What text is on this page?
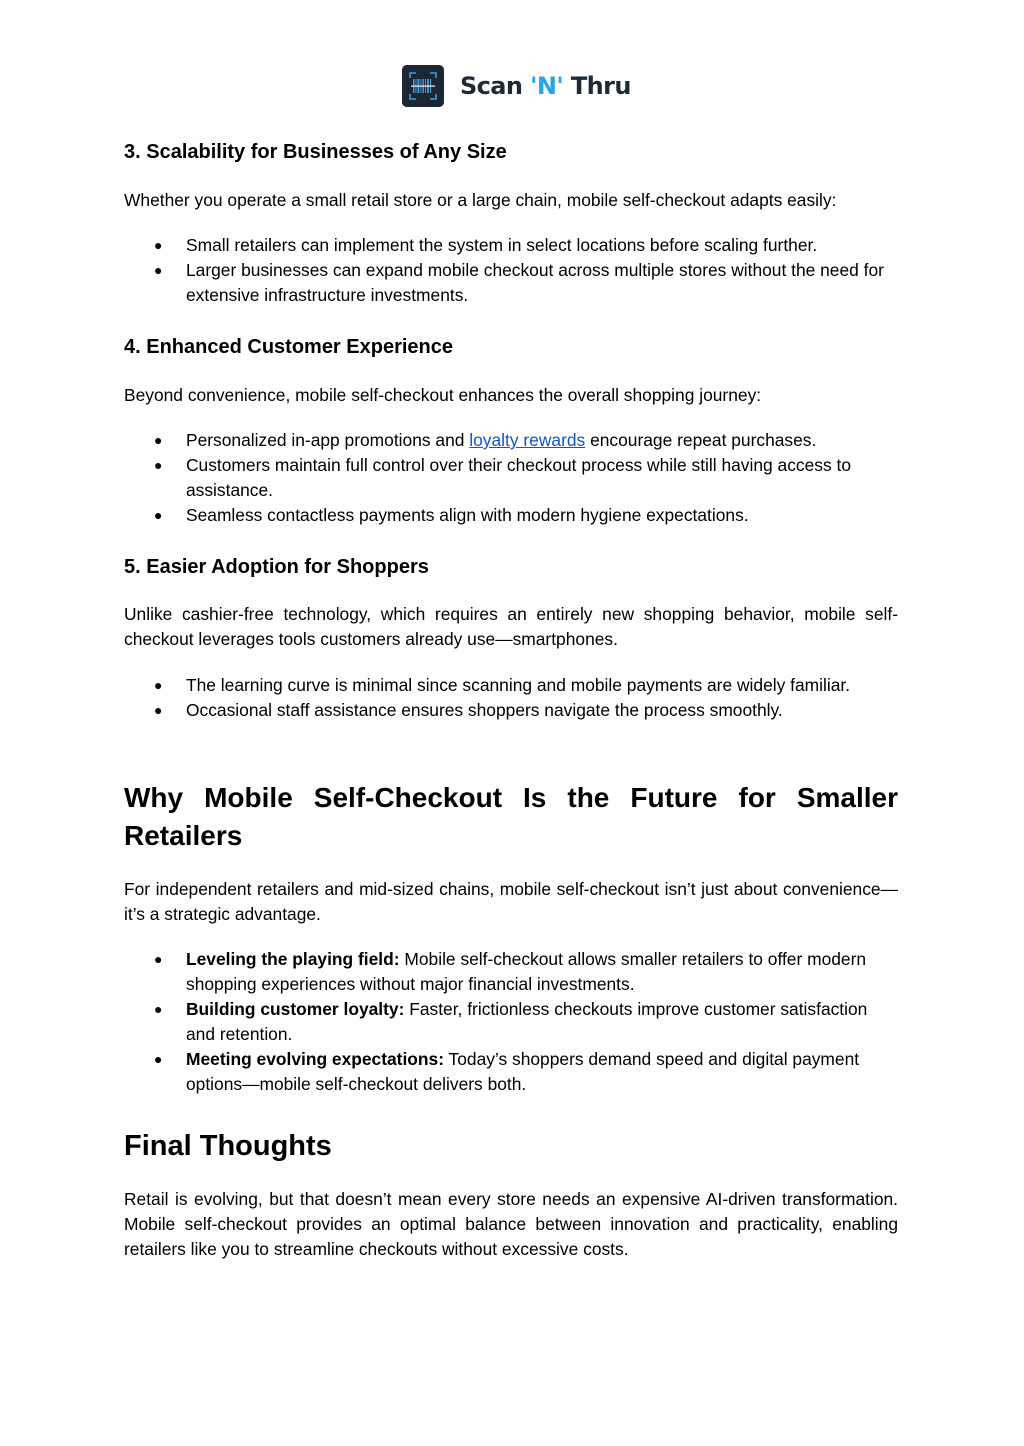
Scan 'N' Thru
3. Scalability for Businesses of Any Size

Whether you operate a small retail store or a large chain, mobile self-checkout adapts easily:

● Small retailers can implement the system in select locations before scaling further.
● Larger businesses can expand mobile checkout across multiple stores without the need for extensive infrastructure investments.
4. Enhanced Customer Experience

Beyond convenience, mobile self-checkout enhances the overall shopping journey:

● Personalized in-app promotions and loyalty rewards encourage repeat purchases.
● Customers maintain full control over their checkout process while still having access to assistance.
● Seamless contactless payments align with modern hygiene expectations.
5. Easier Adoption for Shoppers

Unlike cashier-free technology, which requires an entirely new shopping behavior, mobile self-checkout leverages tools customers already use—smartphones.

● The learning curve is minimal since scanning and mobile payments are widely familiar.
● Occasional staff assistance ensures shoppers navigate the process smoothly.
Why Mobile Self-Checkout Is the Future for Smaller
Retailers

For independent retailers and mid-sized chains, mobile self-checkout isn’t just about convenience—it’s a strategic advantage.

● Leveling the playing field: Mobile self-checkout allows smaller retailers to offer modern shopping experiences without major financial investments.
● Building customer loyalty: Faster, frictionless checkouts improve customer satisfaction and retention.
● Meeting evolving expectations: Today’s shoppers demand speed and digital payment options—mobile self-checkout delivers both.
Final Thoughts

Retail is evolving, but that doesn’t mean every store needs an expensive AI-driven transformation. Mobile self-checkout provides an optimal balance between innovation and practicality, enabling retailers like you to streamline checkouts without excessive costs.
